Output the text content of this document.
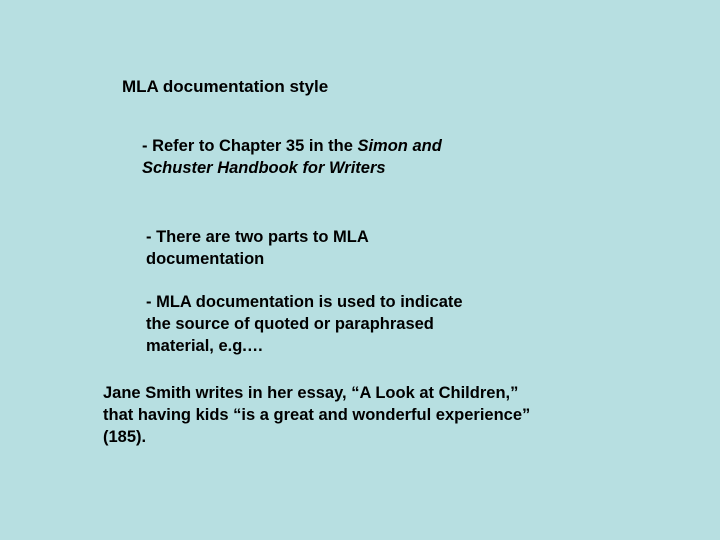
MLA documentation style
- Refer to Chapter 35 in the Simon and Schuster Handbook for Writers
- There are two parts to MLA documentation
- MLA documentation is used to indicate the source of quoted or paraphrased material, e.g.…
Jane Smith writes in her essay, “A Look at Children,” that having kids “is a great and wonderful experience” (185).
